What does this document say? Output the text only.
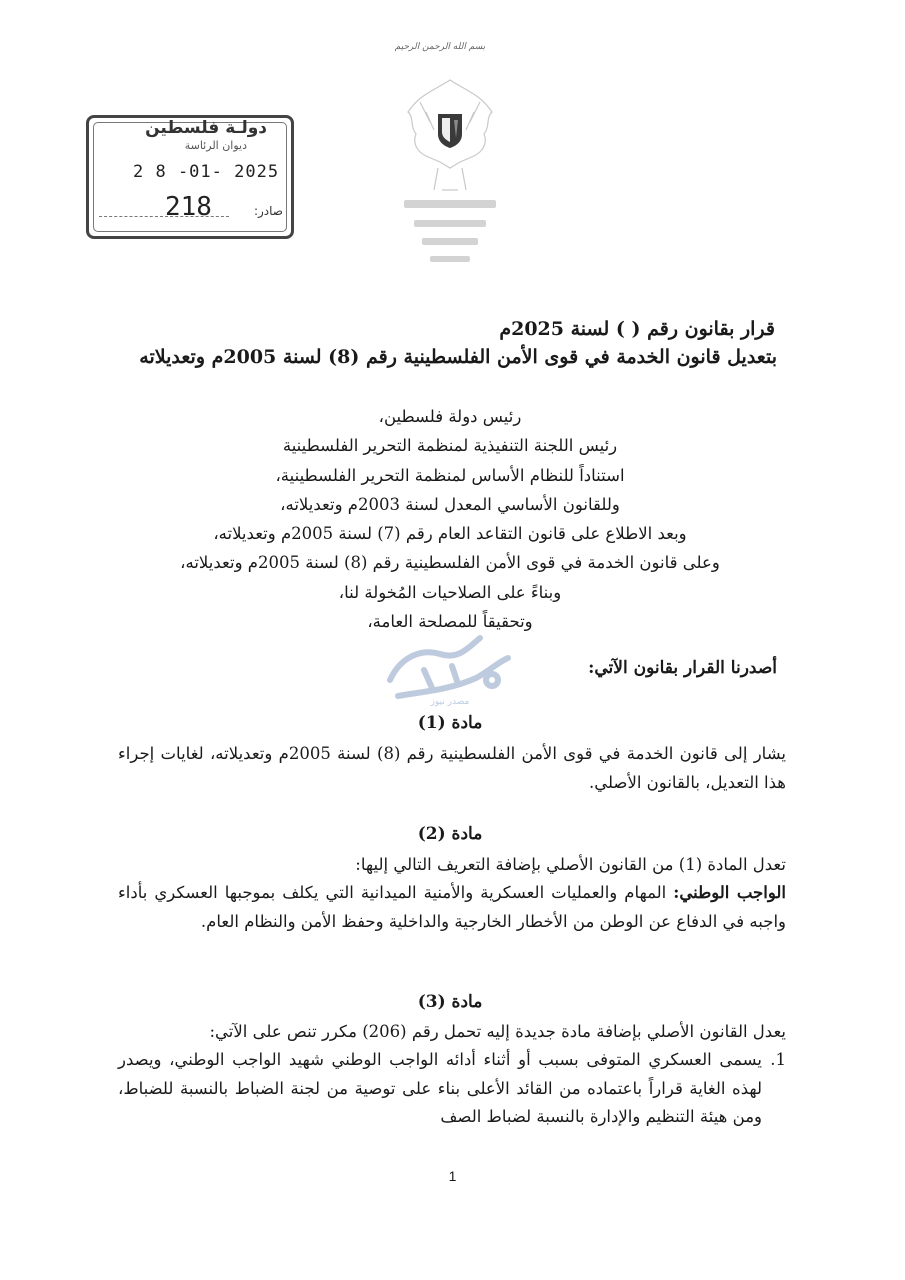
بسم الله الرحمن الرحيم
دولـة فلسطين
ديوان الرئاسة
2 8 -01- 2025
218	صادر:
قرار بقانون رقم ( ) لسنة 2025م
بتعديل قانون الخدمة في قوى الأمن الفلسطينية رقم (8) لسنة 2005م وتعديلاته
رئيس دولة فلسطين،
رئيس اللجنة التنفيذية لمنظمة التحرير الفلسطينية
استناداً للنظام الأساس لمنظمة التحرير الفلسطينية،
وللقانون الأساسي المعدل لسنة 2003م وتعديلاته،
وبعد الاطلاع على قانون التقاعد العام رقم (7) لسنة 2005م وتعديلاته،
وعلى قانون الخدمة في قوى الأمن الفلسطينية رقم (8) لسنة 2005م وتعديلاته،
وبناءً على الصلاحيات المُخولة لنا،
وتحقيقاً للمصلحة العامة،
مصدر نيوز
أصدرنا القرار بقانون الآتي:
مادة (1)
يشار إلى قانون الخدمة في قوى الأمن الفلسطينية رقم (8) لسنة 2005م وتعديلاته، لغايات إجراء هذا التعديل، بالقانون الأصلي.
مادة (2)
تعدل المادة (1) من القانون الأصلي بإضافة التعريف التالي إليها:
الواجب الوطني: المهام والعمليات العسكرية والأمنية الميدانية التي يكلف بموجبها العسكري بأداء واجبه في الدفاع عن الوطن من الأخطار الخارجية والداخلية وحفظ الأمن والنظام العام.
مادة (3)
يعدل القانون الأصلي بإضافة مادة جديدة إليه تحمل رقم (206) مكرر تنص على الآتي:
1.
يسمى العسكري المتوفى بسبب أو أثناء أدائه الواجب الوطني شهيد الواجب الوطني، ويصدر لهذه الغاية قراراً باعتماده من القائد الأعلى بناء على توصية من لجنة الضباط بالنسبة للضباط، ومن هيئة التنظيم والإدارة بالنسبة لضباط الصف
1
